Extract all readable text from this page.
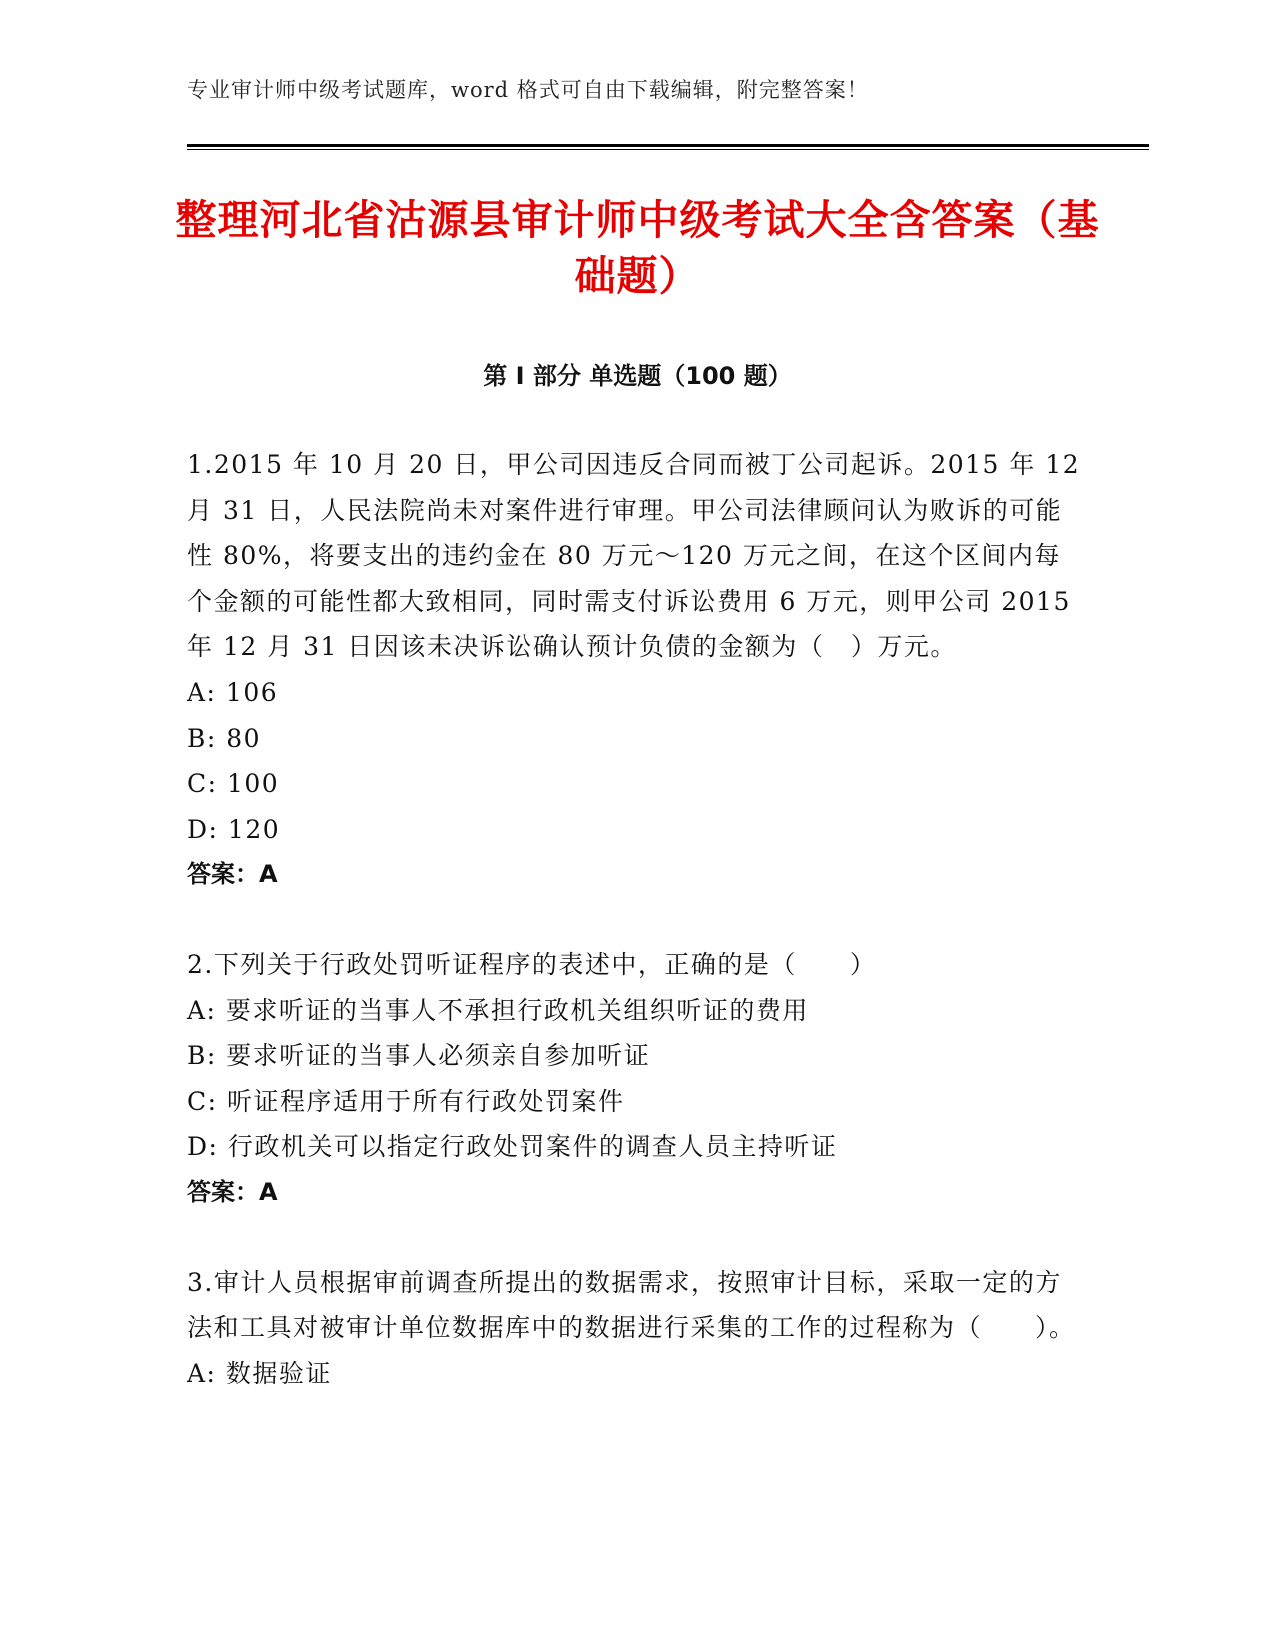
专业审计师中级考试题库，word 格式可自由下载编辑，附完整答案！
整理河北省沽源县审计师中级考试大全含答案（基础题）
第 I 部分 单选题（100 题）

1.2015 年 10 月 20 日，甲公司因违反合同而被丁公司起诉。2015 年 12 月 31 日，人民法院尚未对案件进行审理。甲公司法律顾问认为败诉的可能性 80%，将要支出的违约金在 80 万元～120 万元之间，在这个区间内每个金额的可能性都大致相同，同时需支付诉讼费用 6 万元，则甲公司 2015 年 12 月 31 日因该未决诉讼确认预计负债的金额为（　）万元。

A: 106

B: 80

C: 100

D: 120

答案：A

2.下列关于行政处罚听证程序的表述中，正确的是（　　）

A: 要求听证的当事人不承担行政机关组织听证的费用

B: 要求听证的当事人必须亲自参加听证

C: 听证程序适用于所有行政处罚案件

D: 行政机关可以指定行政处罚案件的调查人员主持听证

答案：A

3.审计人员根据审前调查所提出的数据需求，按照审计目标，采取一定的方法和工具对被审计单位数据库中的数据进行采集的工作的过程称为（　　）。

A: 数据验证
